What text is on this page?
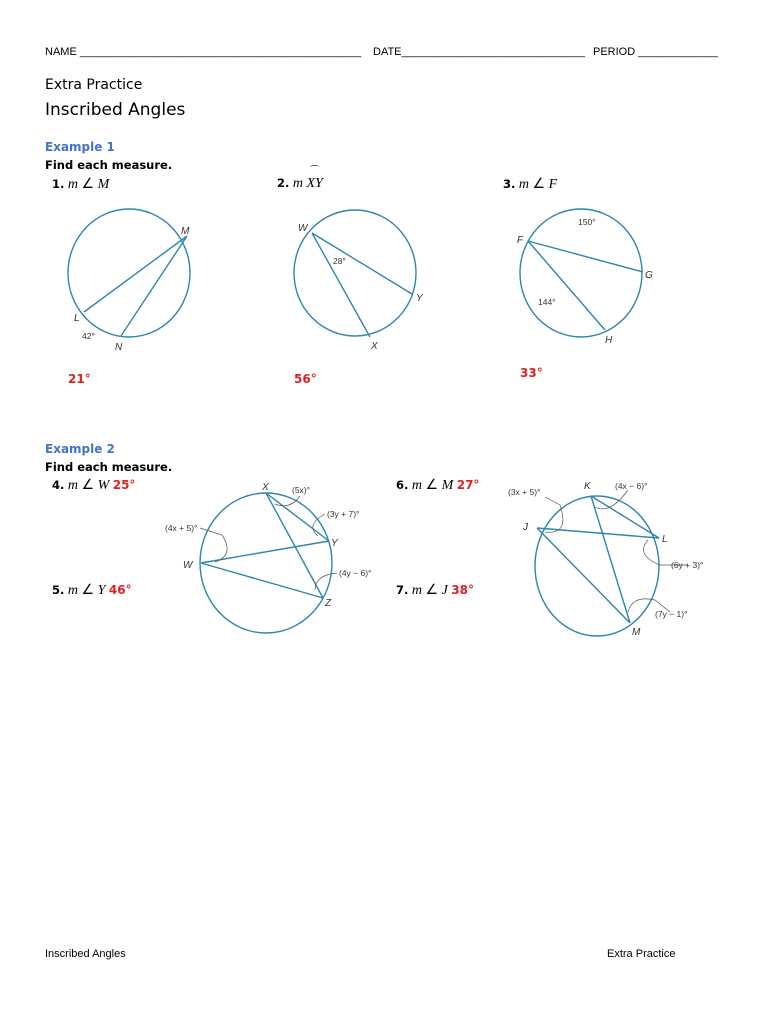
NAME ______________________________________________ DATE______________________________ PERIOD _____________
Extra Practice
Inscribed Angles
Example 1
Find each measure.
1. m ∠ M	2. m
⌒
XY	3. m ∠ F
21°	56°	33°
Example 2
Find each measure.
4. m ∠ W 25°
5. m ∠ Y 46°
6. m ∠ M 27°
7. m ∠ J 38°
M
L
42°
N
W
28°
Y
X
F
150°
G
144°
H
X	(5x)°
(3y + 7)°
(4x + 5)°
W
Y
(4y − 6)°
Z
K	(4x − 6)°
(3x + 5)°
J
L
(6y + 3)°
(7y − 1)°
M
Inscribed Angles	Extra Practice
